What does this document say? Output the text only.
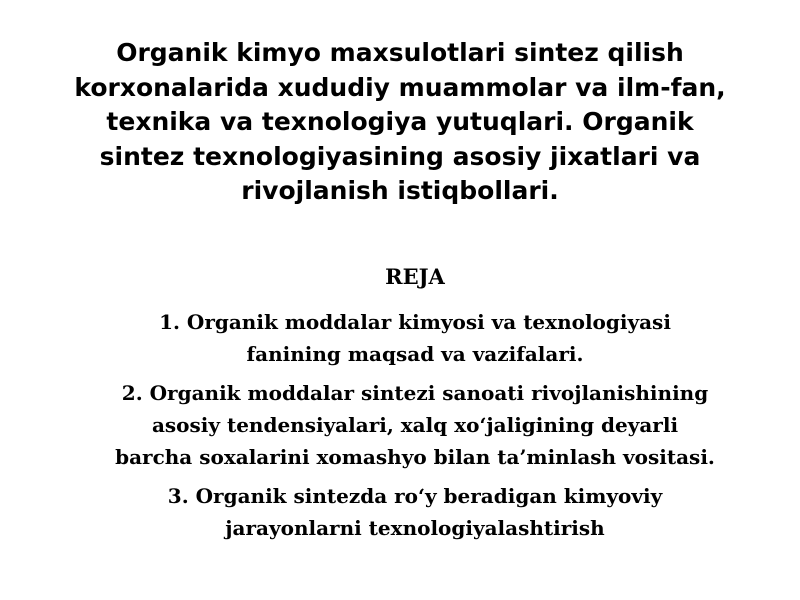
Organik kimyo maxsulotlari sintez qilish
korxonalarida xududiy muammolar va ilm-fan,
texnika va texnologiya yutuqlari. Organik
sintez texnologiyasining asosiy jixatlari va
rivojlanish istiqbollari.
REJA
1. Organik moddalar kimyosi va texnologiyasi
fanining maqsad va vazifalari.
2. Organik moddalar sintezi sanoati rivojlanishining
asosiy tendensiyalari, xalq xo‘jaligining deyarli
barcha soxalarini xomashyo bilan ta’minlash vositasi.
3. Organik sintezda ro‘y beradigan kimyoviy
jarayonlarni texnologiyalashtirish
